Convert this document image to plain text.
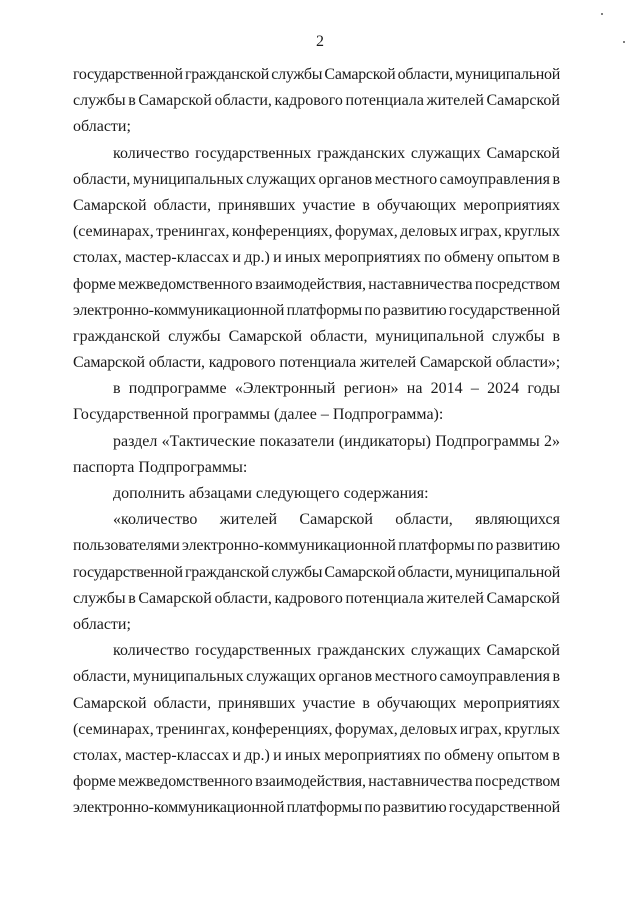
2
государственной гражданской службы Самарской области, муниципальной
службы в Самарской области, кадрового потенциала жителей Самарской
области;
количество государственных гражданских служащих Самарской
области, муниципальных служащих органов местного самоуправления в
Самарской области, принявших участие в обучающих мероприятиях
(семинарах, тренингах, конференциях, форумах, деловых играх, круглых
столах, мастер-классах и др.) и иных мероприятиях по обмену опытом в
форме межведомственного взаимодействия, наставничества посредством
электронно-коммуникационной платформы по развитию государственной
гражданской службы Самарской области, муниципальной службы в
Самарской области, кадрового потенциала жителей Самарской области»;
в подпрограмме «Электронный регион» на 2014 – 2024 годы
Государственной программы (далее – Подпрограмма):
раздел «Тактические показатели (индикаторы) Подпрограммы 2»
паспорта Подпрограммы:
дополнить абзацами следующего содержания:
«количество жителей Самарской области, являющихся
пользователями электронно-коммуникационной платформы по развитию
государственной гражданской службы Самарской области, муниципальной
службы в Самарской области, кадрового потенциала жителей Самарской
области;
количество государственных гражданских служащих Самарской
области, муниципальных служащих органов местного самоуправления в
Самарской области, принявших участие в обучающих мероприятиях
(семинарах, тренингах, конференциях, форумах, деловых играх, круглых
столах, мастер-классах и др.) и иных мероприятиях по обмену опытом в
форме межведомственного взаимодействия, наставничества посредством
электронно-коммуникационной платформы по развитию государственной
